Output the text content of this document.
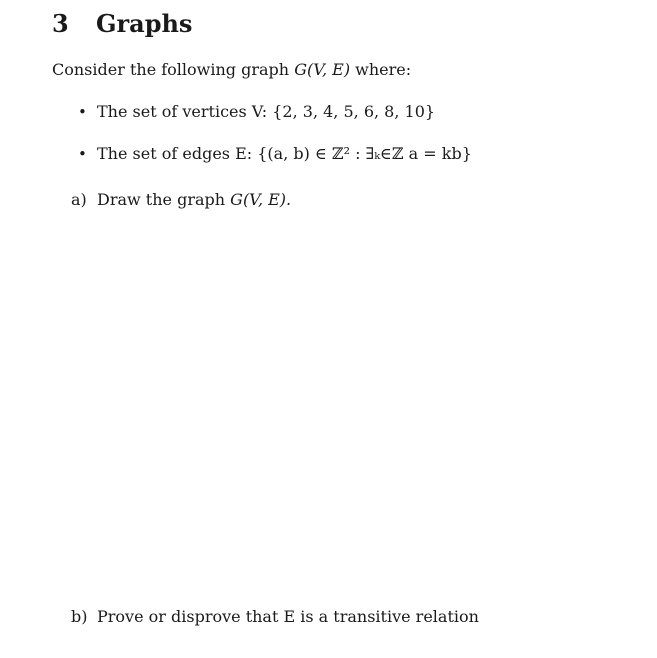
3 Graphs

Consider the following graph G(V, E) where:

• The set of vertices V: {2, 3, 4, 5, 6, 8, 10}
• The set of edges E: {(a, b) ∈ ℤ² : ∃ₖ∈ℤ a = kb}

a) Draw the graph G(V, E).

b) Prove or disprove that E is a transitive relation
